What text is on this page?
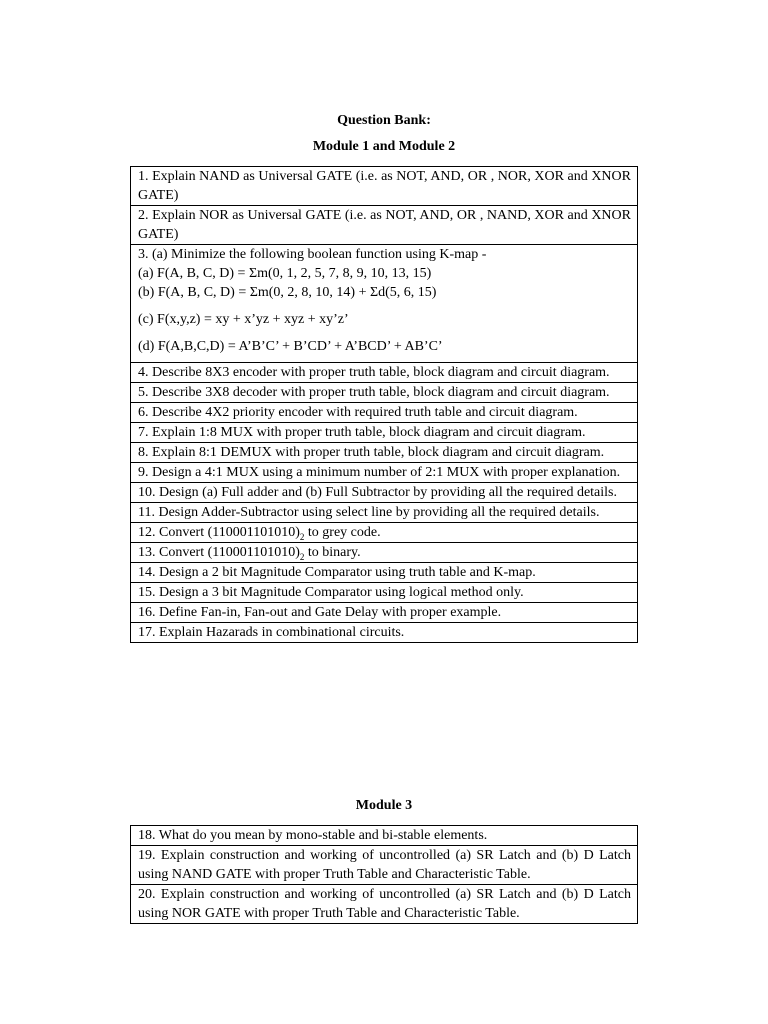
Question Bank:
Module 1 and Module 2
1. Explain NAND as Universal GATE (i.e. as NOT, AND, OR , NOR, XOR and XNOR GATE)

2. Explain NOR as Universal GATE (i.e. as NOT, AND, OR , NAND, XOR and XNOR GATE)

3. (a) Minimize the following boolean function using K-map -
(a) F(A, B, C, D) = Σm(0, 1, 2, 5, 7, 8, 9, 10, 13, 15)
(b) F(A, B, C, D) = Σm(0, 2, 8, 10, 14) + Σd(5, 6, 15)
(c) F(x,y,z) = xy + x’yz + xyz + xy’z’
(d) F(A,B,C,D) = A’B’C’ + B’CD’ + A’BCD’ + AB’C’

4. Describe 8X3 encoder with proper truth table, block diagram and circuit diagram.

5. Describe 3X8 decoder with proper truth table, block diagram and circuit diagram.

6. Describe 4X2 priority encoder with required truth table and circuit diagram.

7. Explain 1:8 MUX with proper truth table, block diagram and circuit diagram.

8. Explain 8:1 DEMUX with proper truth table, block diagram and circuit diagram.

9. Design a 4:1 MUX using a minimum number of 2:1 MUX with proper explanation.

10. Design (a) Full adder and (b) Full Subtractor by providing all the required details.

11. Design Adder-Subtractor using select line by providing all the required details.

12. Convert $(110001101010)_2$ to grey code.

13. Convert $(110001101010)_2$ to binary.

14. Design a 2 bit Magnitude Comparator using truth table and K-map.

15. Design a 3 bit Magnitude Comparator using logical method only.

16. Define Fan-in, Fan-out and Gate Delay with proper example.

17. Explain Hazarads in combinational circuits.
Module 3
18. What do you mean by mono-stable and bi-stable elements.

19. Explain construction and working of uncontrolled (a) SR Latch and (b) D Latch using NAND GATE with proper Truth Table and Characteristic Table.

20. Explain construction and working of uncontrolled (a) SR Latch and (b) D Latch using NOR GATE with proper Truth Table and Characteristic Table.
